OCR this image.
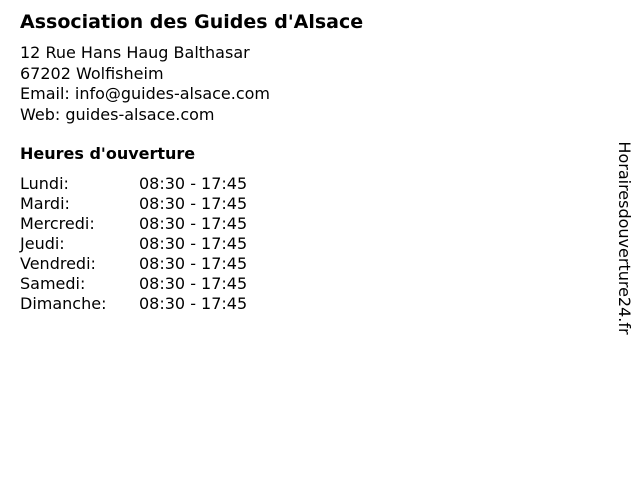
Association des Guides d'Alsace
12 Rue Hans Haug Balthasar
67202 Wolfisheim
Email: info@guides-alsace.com
Web: guides-alsace.com
Heures d'ouverture
Lundi:	08:30 - 17:45
Mardi:	08:30 - 17:45
Mercredi:	08:30 - 17:45
Jeudi:	08:30 - 17:45
Vendredi:	08:30 - 17:45
Samedi:	08:30 - 17:45
Dimanche: 08:30 - 17:45	Horairesdouverture24.fr
